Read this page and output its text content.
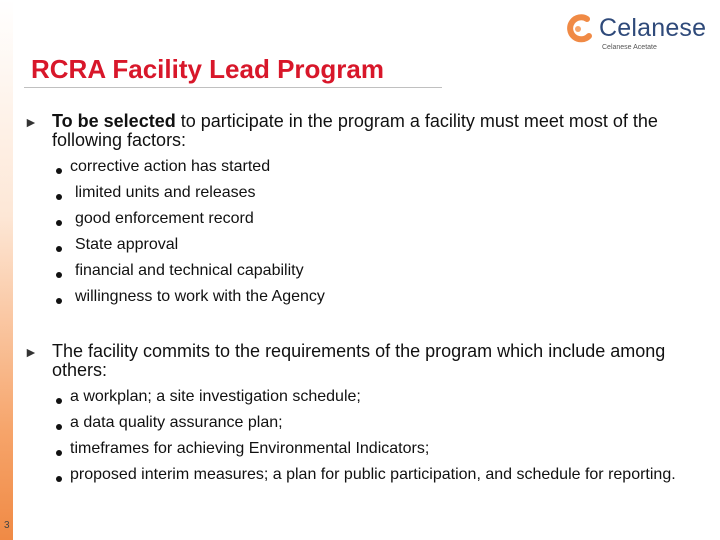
3
Celanese
Celanese Acetate
RCRA Facility Lead Program
► To be selected to participate in the program a facility must meet most of the following factors:
corrective action has started
limited units and releases
good enforcement record
State approval
financial and technical capability
willingness to work with the Agency
► The facility commits to the requirements of the program which include among others:
a workplan; a site investigation schedule;
a data quality assurance plan;
timeframes for achieving Environmental Indicators;
proposed interim measures; a plan for public participation, and schedule for reporting.
